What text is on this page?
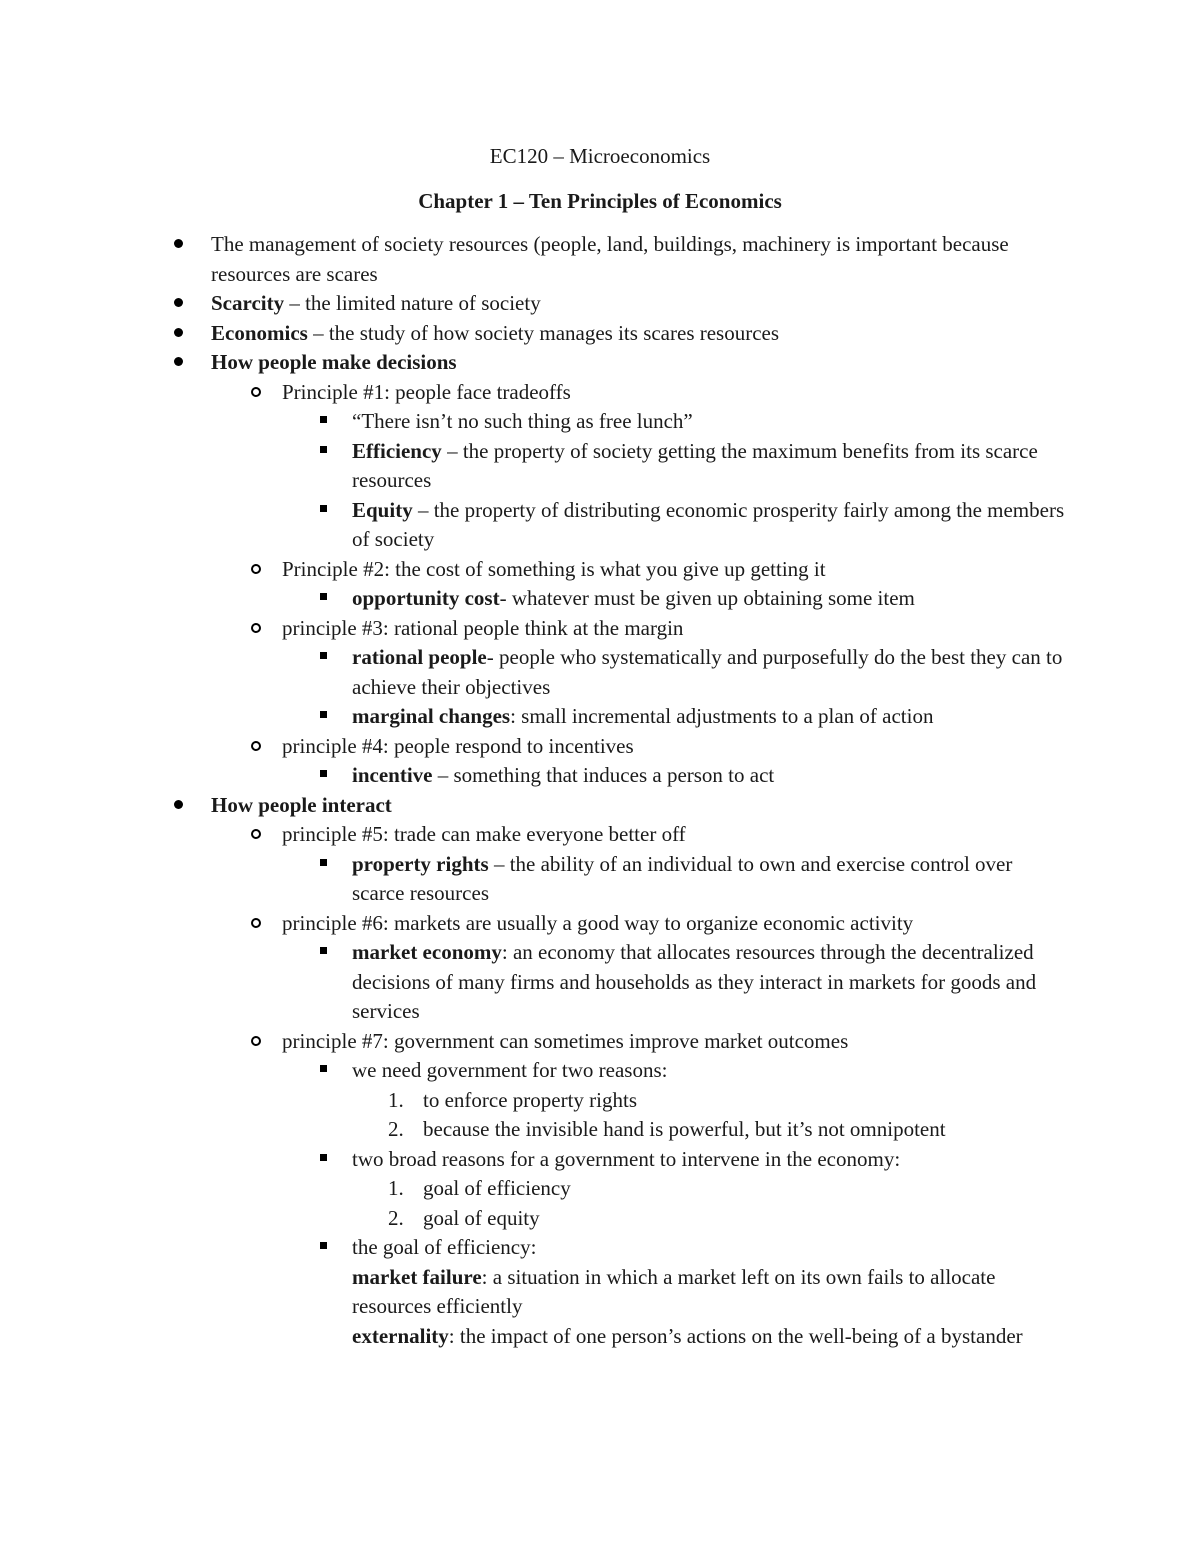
EC120 – Microeconomics
Chapter 1 – Ten Principles of Economics
The management of society resources (people, land, buildings, machinery is important because resources are scares
Scarcity – the limited nature of society
Economics – the study of how society manages its scares resources
How people make decisions
Principle #1: people face tradeoffs
“There isn’t no such thing as free lunch”
Efficiency – the property of society getting the maximum benefits from its scarce resources
Equity – the property of distributing economic prosperity fairly among the members of society
Principle #2: the cost of something is what you give up getting it
opportunity cost- whatever must be given up obtaining some item
principle #3: rational people think at the margin
rational people- people who systematically and purposefully do the best they can to achieve their objectives
marginal changes: small incremental adjustments to a plan of action
principle #4: people respond to incentives
incentive – something that induces a person to act
How people interact
principle #5: trade can make everyone better off
property rights – the ability of an individual to own and exercise control over scarce resources
principle #6: markets are usually a good way to organize economic activity
market economy: an economy that allocates resources through the decentralized decisions of many firms and households as they interact in markets for goods and services
principle #7: government can sometimes improve market outcomes
we need government for two reasons:
1. to enforce property rights
2. because the invisible hand is powerful, but it’s not omnipotent
two broad reasons for a government to intervene in the economy:
1. goal of efficiency
2. goal of equity
the goal of efficiency:
market failure: a situation in which a market left on its own fails to allocate resources efficiently
externality: the impact of one person’s actions on the well-being of a bystander
